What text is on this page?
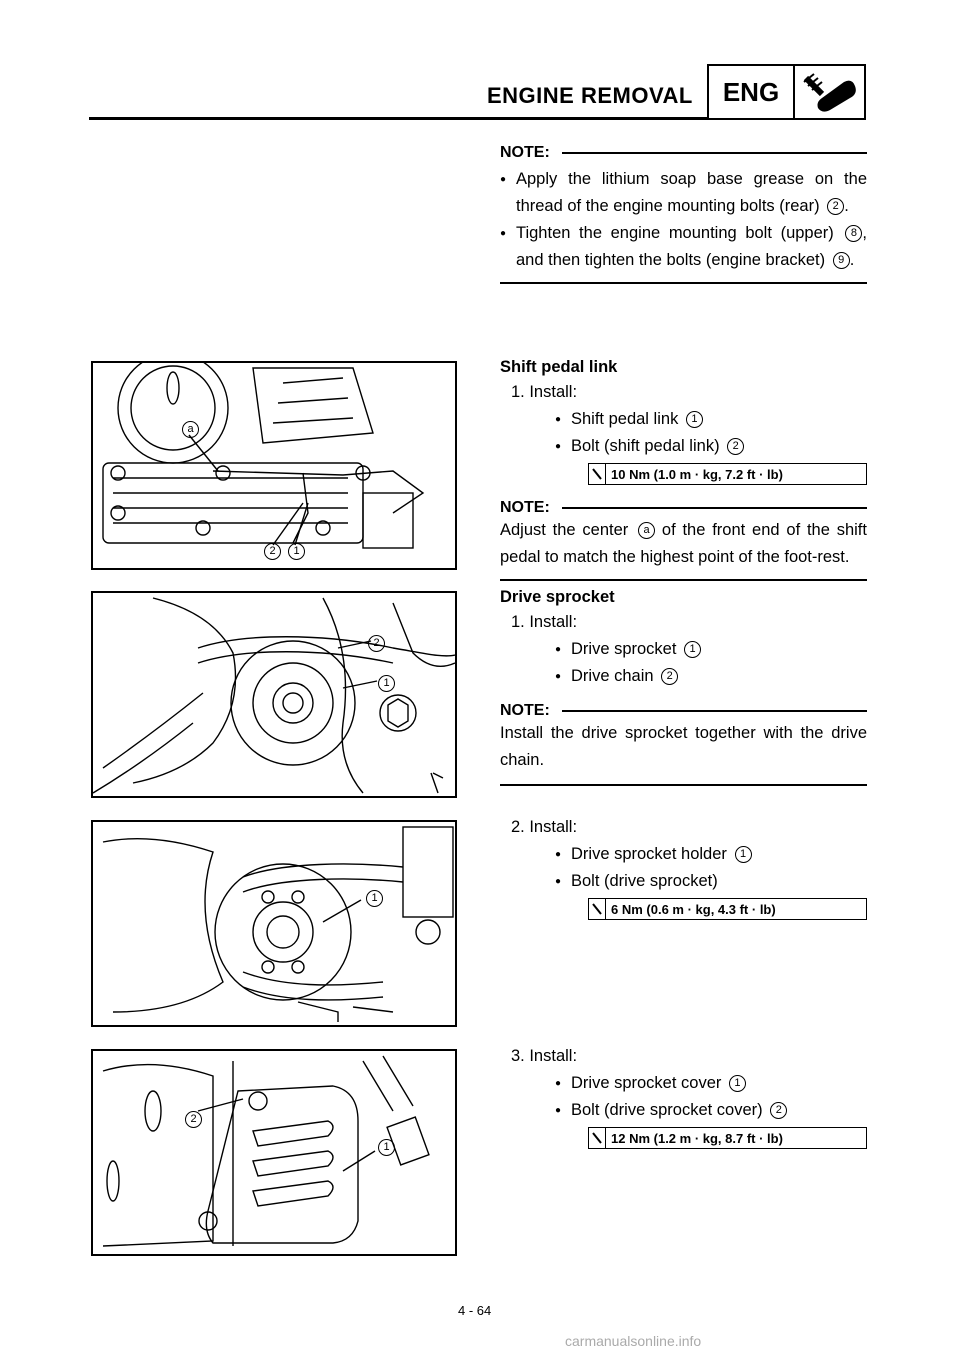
ENGINE REMOVAL	ENG
NOTE:
● Apply the lithium soap base grease on the thread of the engine mounting bolts (rear) 2 .
● Tighten the engine mounting bolt (upper) 8 , and then tighten the bolts (engine bracket) 9 .
a
2	1
Shift pedal link
1. Install:
● Shift pedal link 1
● Bolt (shift pedal link) 2
10 Nm (1.0 m · kg, 7.2 ft · lb)
NOTE:
Adjust the center a of the front end of the shift pedal to match the highest point of the foot-rest.
2
1
Drive sprocket
1. Install:
● Drive sprocket 1
● Drive chain 2
NOTE:
Install the drive sprocket together with the drive chain.
1
2. Install:
● Drive sprocket holder 1
● Bolt (drive sprocket)
6 Nm (0.6 m · kg, 4.3 ft · lb)
2
1
3. Install:
● Drive sprocket cover 1
● Bolt (drive sprocket cover) 2
12 Nm (1.2 m · kg, 8.7 ft · lb)
4 - 64
carmanualsonline.info
